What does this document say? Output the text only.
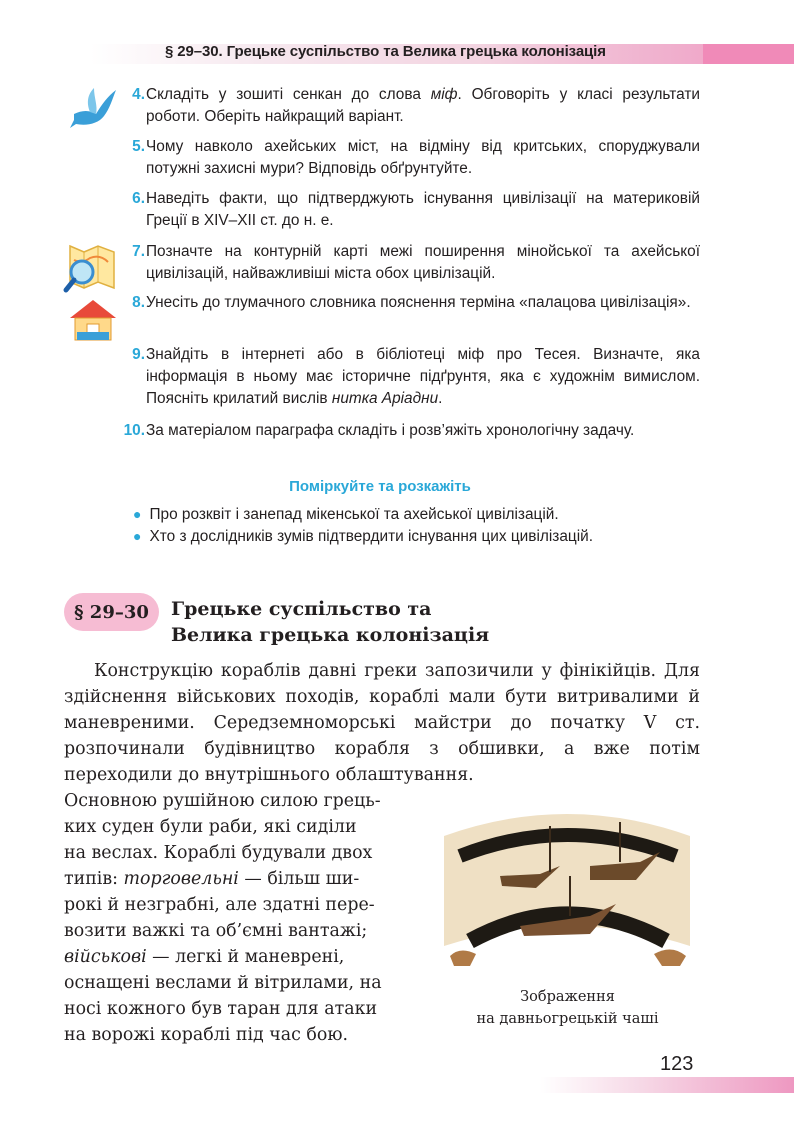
§ 29–30. Грецьке суспільство та Велика грецька колонізація
4. Складіть у зошиті сенкан до слова міф. Обговоріть у класі результати роботи. Оберіть найкращий варіант.
5. Чому навколо ахейських міст, на відміну від критських, споруджували потужні захисні мури? Відповідь обґрунтуйте.
6. Наведіть факти, що підтверджують існування цивілізації на материковій Греції в XIV–XII ст. до н. е.
7. Позначте на контурній карті межі поширення мінойської та ахейської цивілізацій, найважливіші міста обох цивілізацій.
8. Унесіть до тлумачного словника пояснення терміна «палацова цивілізація».
9. Знайдіть в інтернеті або в бібліотеці міф про Тесея. Визначте, яка інформація в ньому має історичне підґрунтя, яка є художнім вимислом. Поясніть крилатий вислів нитка Аріадни.
10. За матеріалом параграфа складіть і розв’яжіть хронологічну задачу.
Поміркуйте та розкажіть
● Про розквіт і занепад мікенської та ахейської цивілізацій.
● Хто з дослідників зумів підтвердити існування цих цивілізацій.
§ 29–30	Грецьке суспільство та
Велика грецька колонізація
Конструкцію кораблів давні греки запозичили у фінікійців. Для здійснення військових походів, кораблі мали бути витривалими й маневреними. Середземноморські майстри до початку V ст. розпочинали будівництво корабля з обшивки, а вже потім переходили до внутрішнього облаштування.
Основною рушійною силою грець-
ких суден були раби, які сиділи
на веслах. Кораблі будували двох
типів: торговельні — більш ши-
рокі й незграбні, але здатні пере-
возити важкі та об’ємні вантажі;
військові — легкі й маневрені,
оснащені веслами й вітрилами, на
носі кожного був таран для атаки
на ворожі кораблі під час бою.
Зображення
на давньогрецькій чаші
123
